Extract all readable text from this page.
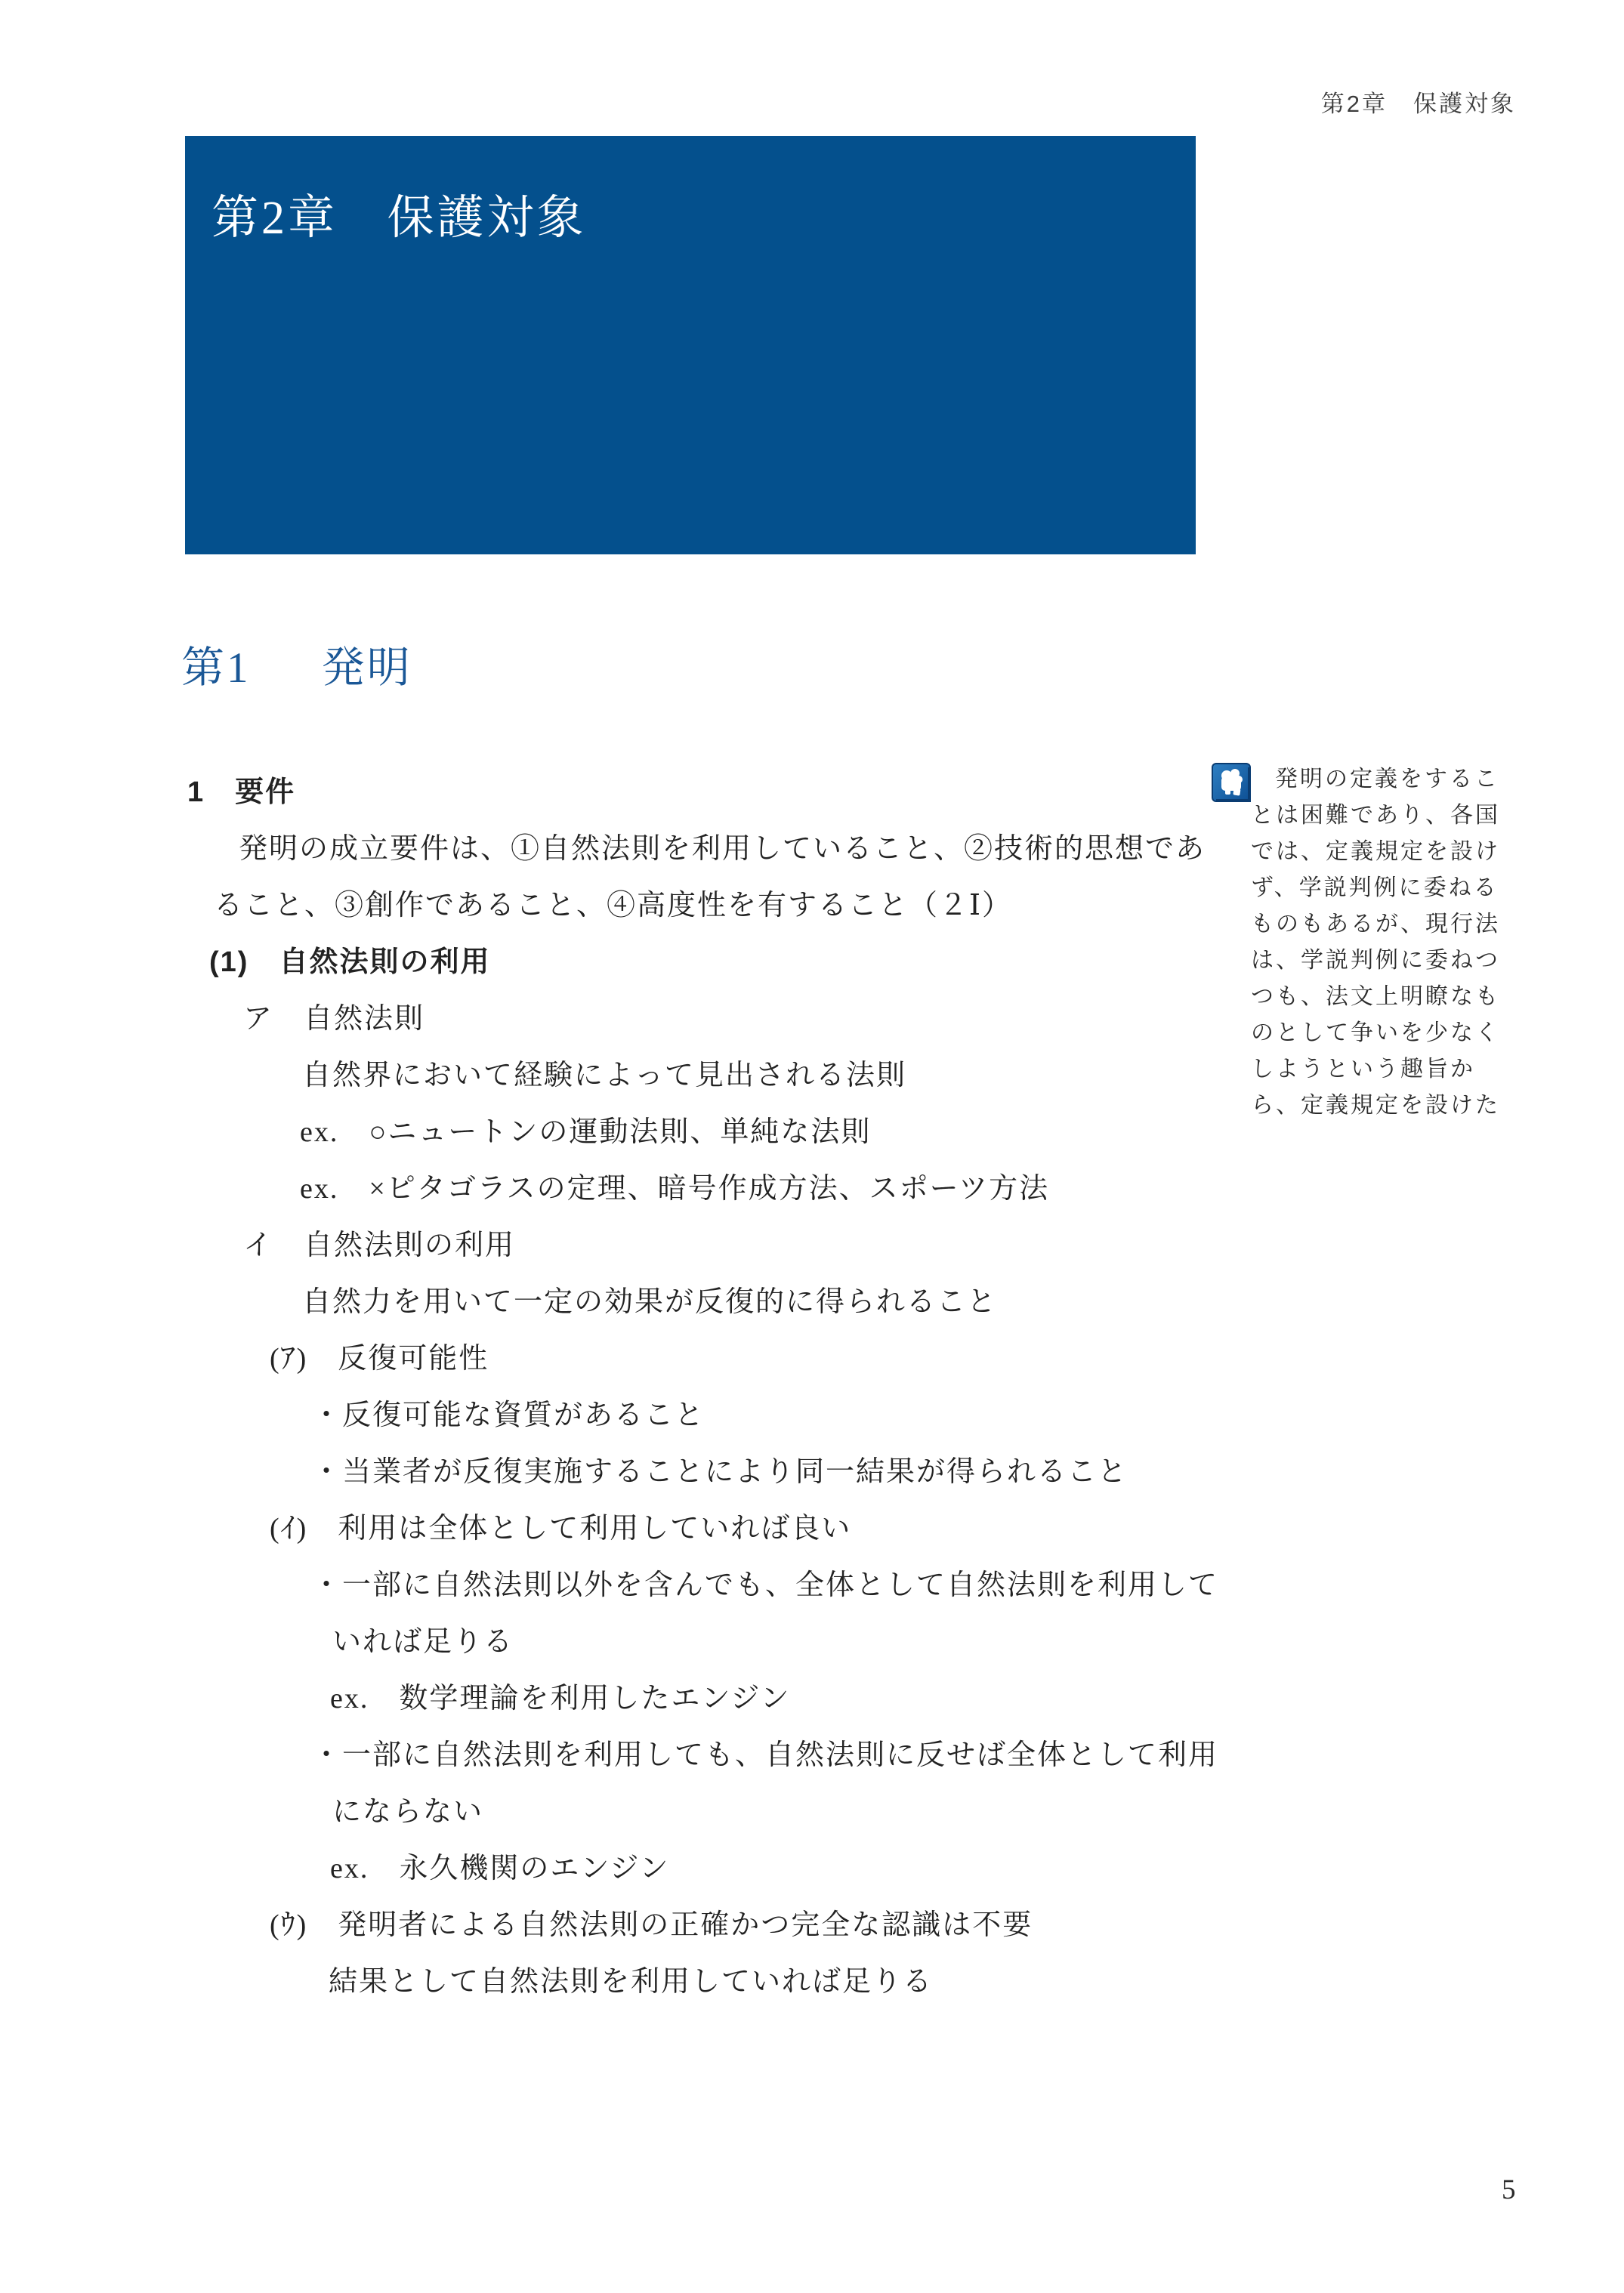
第2章　保護対象
第2章 保護対象
第1 発明
1　要件
発明の成立要件は、①自然法則を利用していること、②技術的思想であ
ること、③創作であること、④高度性を有すること（２Ⅰ）
(1)　自然法則の利用
ア　自然法則
自然界において経験によって見出される法則
ex.　○ニュートンの運動法則、単純な法則
ex.　×ピタゴラスの定理、暗号作成方法、スポーツ方法
イ　自然法則の利用
自然力を用いて一定の効果が反復的に得られること
(ｱ)　反復可能性
・反復可能な資質があること
・当業者が反復実施することにより同一結果が得られること
(ｲ)　利用は全体として利用していれば良い
・一部に自然法則以外を含んでも、全体として自然法則を利用して
いれば足りる
ex.　数学理論を利用したエンジン
・一部に自然法則を利用しても、自然法則に反せば全体として利用
にならない
ex.　永久機関のエンジン
(ｳ)　発明者による自然法則の正確かつ完全な認識は不要
結果として自然法則を利用していれば足りる

発明の定義をすることは困難であり、各国では、定義規定を設けず、学説判例に委ねるものもあるが、現行法は、学説判例に委ねつつも、法文上明瞭なものとして争いを少なくしようという趣旨から、定義規定を設けた

5
